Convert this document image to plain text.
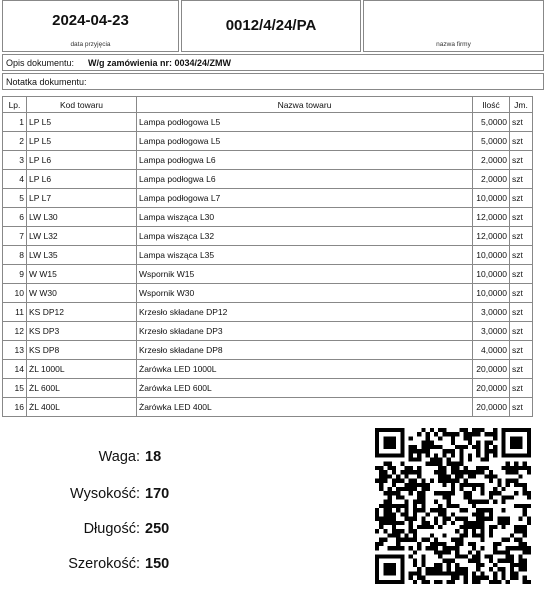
2024-04-23
data przyjęcia
0012/4/24/PA
nazwa firmy
Opis dokumentu: W/g zamówienia nr: 0034/24/ZMW
Notatka dokumentu:
Lp.	Kod towaru	Nazwa towaru	Ilość	Jm.
1	LP L5	Lampa podłogowa L5	5,0000	szt
2	LP L5	Lampa podłogowa L5	5,0000	szt
3	LP L6	Lampa podłogwa L6	2,0000	szt
4	LP L6	Lampa podłogwa L6	2,0000	szt
5	LP L7	Lampa podłogowa L7	10,0000	szt
6	LW L30	Lampa wisząca L30	12,0000	szt
7	LW L32	Lampa wisząca L32	12,0000	szt
8	LW L35	Lampa wisząca L35	10,0000	szt
9	W W15	Wspornik W15	10,0000	szt
10	W W30	Wspornik W30	10,0000	szt
11	KS DP12	Krzesło składane DP12	3,0000	szt
12	KS DP3	Krzesło składane DP3	3,0000	szt
13	KS DP8	Krzesło składane DP8	4,0000	szt
14	ŻL 1000L	Żarówka LED 1000L	20,0000	szt
15	ŻL 600L	Żarówka LED 600L	20,0000	szt
16	ŻL 400L	Żarówka LED 400L	20,0000	szt
Waga: 18
Wysokość: 170
Długość: 250
Szerokość: 150
